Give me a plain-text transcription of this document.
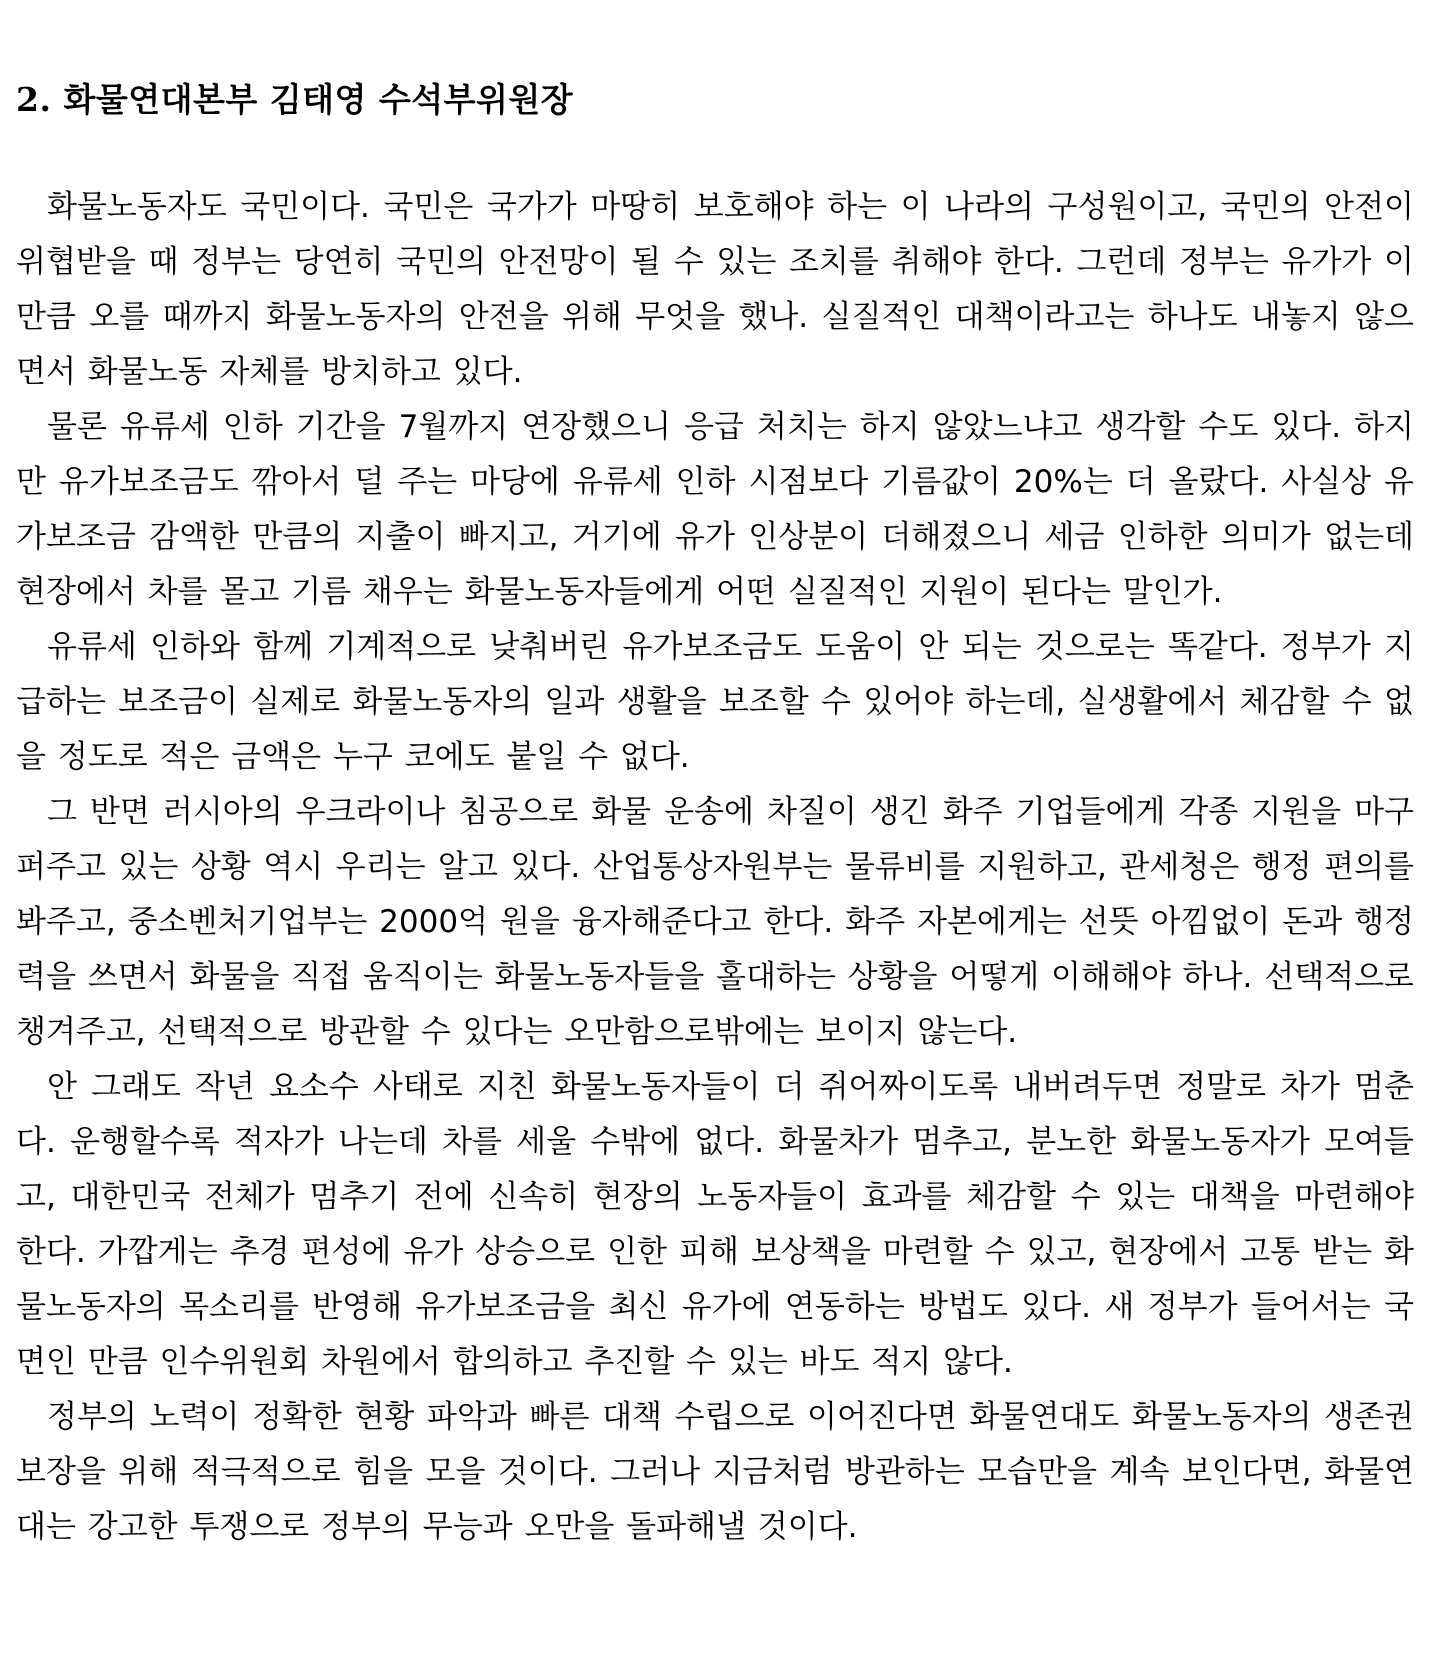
2. 화물연대본부 김태영 수석부위원장

화물노동자도 국민이다. 국민은 국가가 마땅히 보호해야 하는 이 나라의 구성원이고, 국민의 안전이 위협받을 때 정부는 당연히 국민의 안전망이 될 수 있는 조치를 취해야 한다. 그런데 정부는 유가가 이만큼 오를 때까지 화물노동자의 안전을 위해 무엇을 했나. 실질적인 대책이라고는 하나도 내놓지 않으면서 화물노동 자체를 방치하고 있다.

물론 유류세 인하 기간을 7월까지 연장했으니 응급 처치는 하지 않았느냐고 생각할 수도 있다. 하지만 유가보조금도 깎아서 덜 주는 마당에 유류세 인하 시점보다 기름값이 20%는 더 올랐다. 사실상 유가보조금 감액한 만큼의 지출이 빠지고, 거기에 유가 인상분이 더해졌으니 세금 인하한 의미가 없는데 현장에서 차를 몰고 기름 채우는 화물노동자들에게 어떤 실질적인 지원이 된다는 말인가.

유류세 인하와 함께 기계적으로 낮춰버린 유가보조금도 도움이 안 되는 것으로는 똑같다. 정부가 지급하는 보조금이 실제로 화물노동자의 일과 생활을 보조할 수 있어야 하는데, 실생활에서 체감할 수 없을 정도로 적은 금액은 누구 코에도 붙일 수 없다.

그 반면 러시아의 우크라이나 침공으로 화물 운송에 차질이 생긴 화주 기업들에게 각종 지원을 마구 퍼주고 있는 상황 역시 우리는 알고 있다. 산업통상자원부는 물류비를 지원하고, 관세청은 행정 편의를 봐주고, 중소벤처기업부는 2000억 원을 융자해준다고 한다. 화주 자본에게는 선뜻 아낌없이 돈과 행정력을 쓰면서 화물을 직접 움직이는 화물노동자들을 홀대하는 상황을 어떻게 이해해야 하나. 선택적으로 챙겨주고, 선택적으로 방관할 수 있다는 오만함으로밖에는 보이지 않는다.

안 그래도 작년 요소수 사태로 지친 화물노동자들이 더 쥐어짜이도록 내버려두면 정말로 차가 멈춘다. 운행할수록 적자가 나는데 차를 세울 수밖에 없다. 화물차가 멈추고, 분노한 화물노동자가 모여들고, 대한민국 전체가 멈추기 전에 신속히 현장의 노동자들이 효과를 체감할 수 있는 대책을 마련해야 한다. 가깝게는 추경 편성에 유가 상승으로 인한 피해 보상책을 마련할 수 있고, 현장에서 고통 받는 화물노동자의 목소리를 반영해 유가보조금을 최신 유가에 연동하는 방법도 있다. 새 정부가 들어서는 국면인 만큼 인수위원회 차원에서 합의하고 추진할 수 있는 바도 적지 않다.

정부의 노력이 정확한 현황 파악과 빠른 대책 수립으로 이어진다면 화물연대도 화물노동자의 생존권 보장을 위해 적극적으로 힘을 모을 것이다. 그러나 지금처럼 방관하는 모습만을 계속 보인다면, 화물연대는 강고한 투쟁으로 정부의 무능과 오만을 돌파해낼 것이다.
